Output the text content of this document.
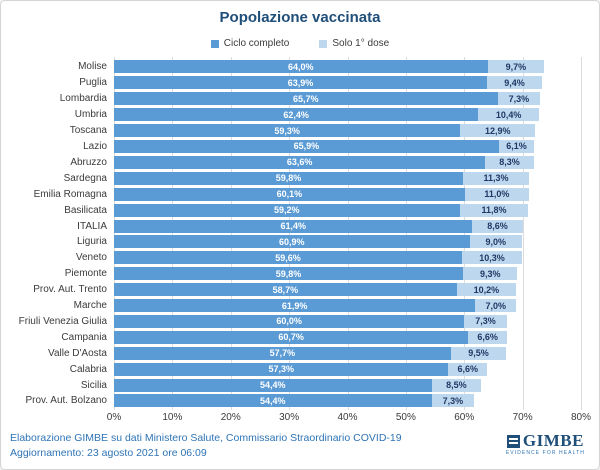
Popolazione vaccinata
Ciclo completo	Solo 1° dose
Molise	64,0%	9,7%
Puglia	63,9%	9,4%
Lombardia	65,7%	7,3%
Umbria	62,4%	10,4%
Toscana	59,3%	12,9%
Lazio	65,9%	6,1%
Abruzzo	63,6%	8,3%
Sardegna	59,8%	11,3%
Emilia Romagna	60,1%	11,0%
Basilicata	59,2%	11,8%
ITALIA	61,4%	8,6%
Liguria	60,9%	9,0%
Veneto	59,6%	10,3%
Piemonte	59,8%	9,3%
Prov. Aut. Trento	58,7%	10,2%
Marche	61,9%	7,0%
Friuli Venezia Giulia	60,0%	7,3%
Campania	60,7%	6,6%
Valle D'Aosta	57,7%	9,5%
Calabria	57,3%	6,6%
Sicilia	54,4%	8,5%
Prov. Aut. Bolzano	54,4%	7,3%
0%	10%	20%	30%	40%	50%	60%	70%	80%
Elaborazione GIMBE su dati Ministero Salute, Commissario Straordinario COVID-19
Aggiornamento: 23 agosto 2021 ore 06:09
GIMBE
EVIDENCE FOR HEALTH
